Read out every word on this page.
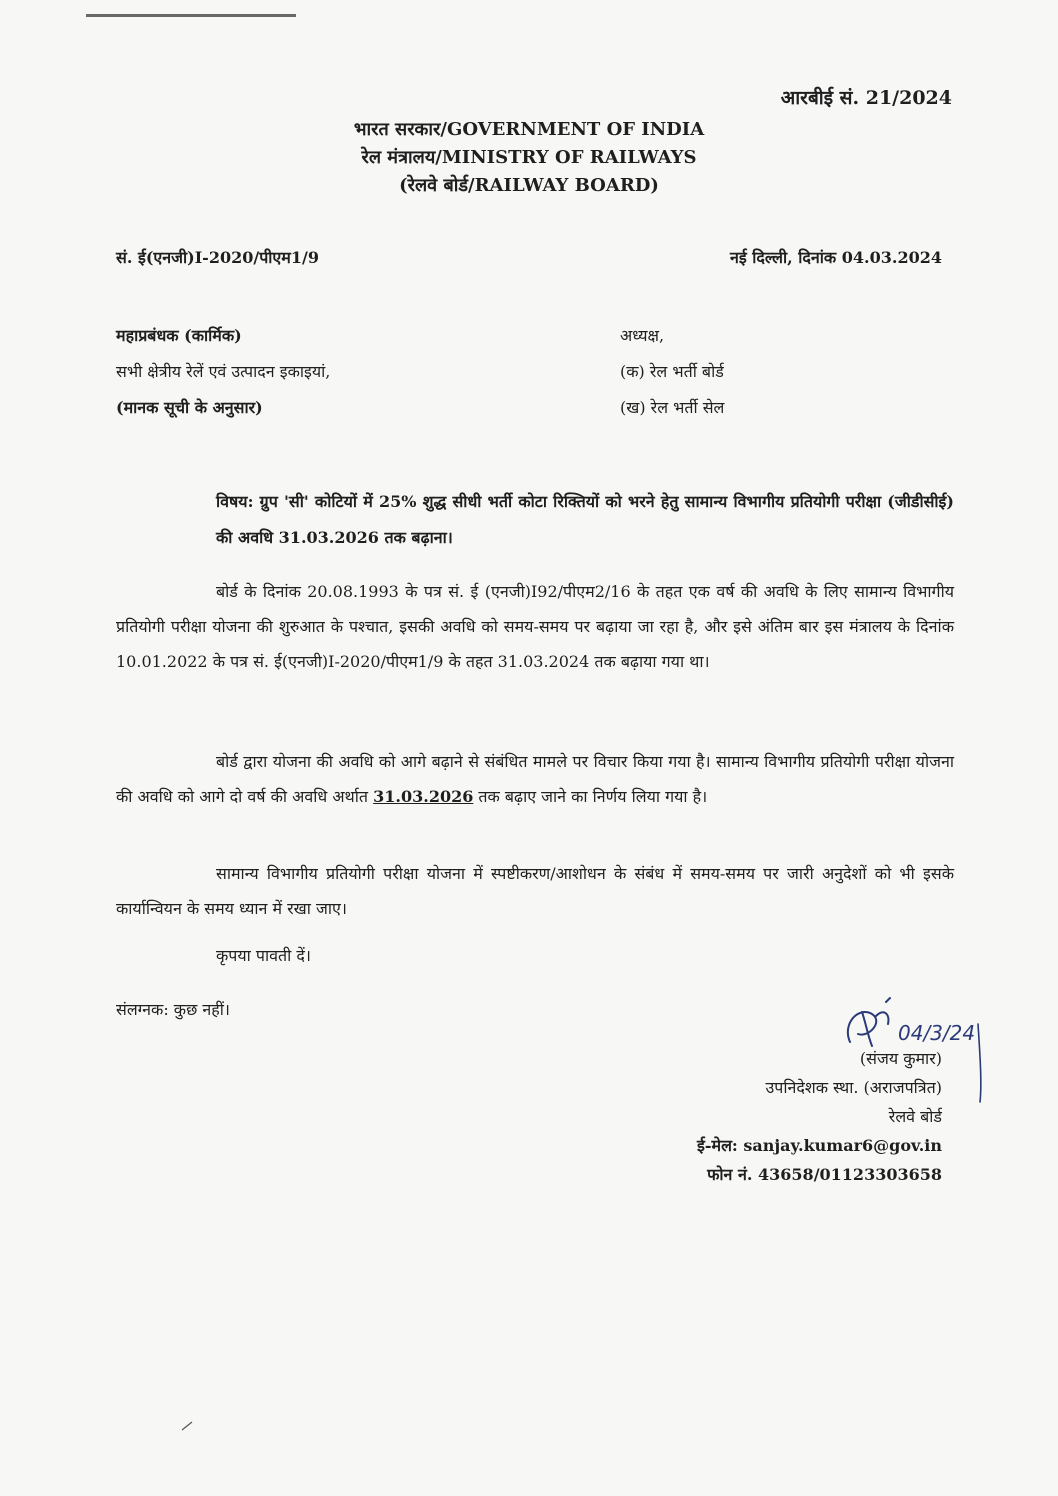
आरबीई सं. 21/2024
भारत सरकार/GOVERNMENT OF INDIA
रेल मंत्रालय/MINISTRY OF RAILWAYS
(रेलवे बोर्ड/RAILWAY BOARD)
सं. ई(एनजी)I-2020/पीएम1/9	नई दिल्ली, दिनांक 04.03.2024
महाप्रबंधक (कार्मिक)
सभी क्षेत्रीय रेलें एवं उत्पादन इकाइयां,
(मानक सूची के अनुसार)
अध्यक्ष,
(क) रेल भर्ती बोर्ड
(ख) रेल भर्ती सेल
विषय: ग्रुप 'सी' कोटियों में 25% शुद्ध सीधी भर्ती कोटा रिक्तियों को भरने हेतु सामान्य विभागीय प्रतियोगी परीक्षा (जीडीसीई) की अवधि 31.03.2026 तक बढ़ाना।
बोर्ड के दिनांक 20.08.1993 के पत्र सं. ई (एनजी)I92/पीएम2/16 के तहत एक वर्ष की अवधि के लिए सामान्य विभागीय प्रतियोगी परीक्षा योजना की शुरुआत के पश्चात, इसकी अवधि को समय-समय पर बढ़ाया जा रहा है, और इसे अंतिम बार इस मंत्रालय के दिनांक 10.01.2022 के पत्र सं. ई(एनजी)I-2020/पीएम1/9 के तहत 31.03.2024 तक बढ़ाया गया था।
बोर्ड द्वारा योजना की अवधि को आगे बढ़ाने से संबंधित मामले पर विचार किया गया है। सामान्य विभागीय प्रतियोगी परीक्षा योजना की अवधि को आगे दो वर्ष की अवधि अर्थात 31.03.2026 तक बढ़ाए जाने का निर्णय लिया गया है।
सामान्य विभागीय प्रतियोगी परीक्षा योजना में स्पष्टीकरण/आशोधन के संबंध में समय-समय पर जारी अनुदेशों को भी इसके कार्यान्वियन के समय ध्यान में रखा जाए।
कृपया पावती दें।
संलग्नक: कुछ नहीं।
04/3/24
(संजय कुमार)
उपनिदेशक स्था. (अराजपत्रित)
रेलवे बोर्ड
ई-मेल: sanjay.kumar6@gov.in
फोन नं. 43658/01123303658
